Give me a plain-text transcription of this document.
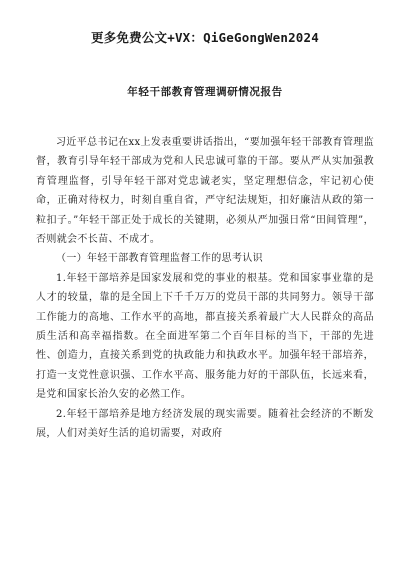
更多免费公文+VX：QiGeGongWen2024
年轻干部教育管理调研情况报告

习近平总书记在xx上发表重要讲话指出，“要加强年轻干部教育管理监督，教育引导年轻干部成为党和人民忠诚可靠的干部。要从严从实加强教育管理监督，引导年轻干部对党忠诚老实，坚定理想信念，牢记初心使命，正确对待权力，时刻自重自省，严守纪法规矩，扣好廉洁从政的第一粒扣子。”年轻干部正处于成长的关键期，必须从严加强日常“田间管理”，否则就会不长苗、不成才。

（一）年轻干部教育管理监督工作的思考认识

1.年轻干部培养是国家发展和党的事业的根基。党和国家事业靠的是人才的较量，靠的是全国上下千千万万的党员干部的共同努力。领导干部工作能力的高地、工作水平的高地，都直接关系着最广大人民群众的高品质生活和高幸福指数。在全面进军第二个百年目标的当下，干部的先进性、创造力，直接关系到党的执政能力和执政水平。加强年轻干部培养，打造一支党性意识强、工作水平高、服务能力好的干部队伍，长远来看，是党和国家长治久安的必然工作。

2.年轻干部培养是地方经济发展的现实需要。随着社会经济的不断发展，人们对美好生活的追切需要，对政府
